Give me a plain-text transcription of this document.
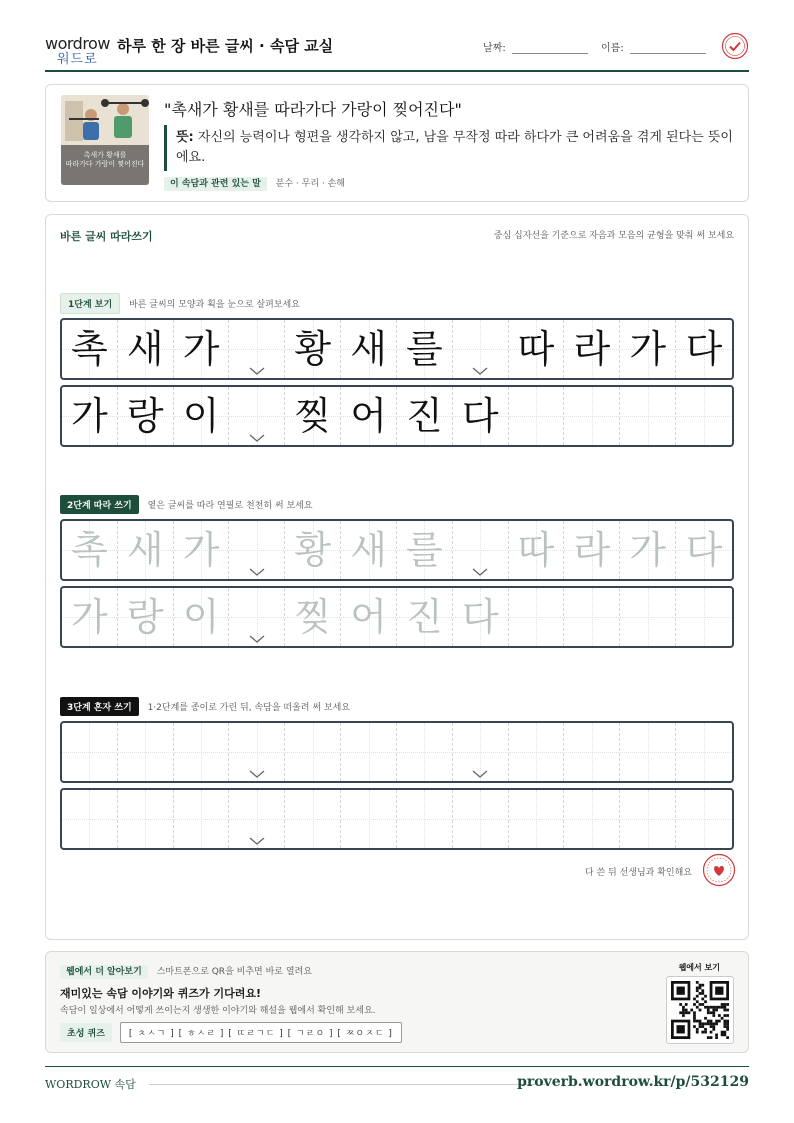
wordrow
워드로
하루 한 장 바른 글씨 · 속담 교실	날짜:	이름:
촉새가 황새를
따라가다 가랑이 찢어진다
"촉새가 황새를 따라가다 가랑이 찢어진다"
뜻: 자신의 능력이나 형편을 생각하지 않고, 남을 무작정 따라 하다가 큰 어려움을 겪게 된다는 뜻이에요.
이 속담과 관련 있는 말 분수 · 무리 · 손해
바른 글씨 따라쓰기	중심 십자선을 기준으로 자음과 모음의 균형을 맞춰 써 보세요
1단계 보기 바른 글씨의 모양과 획을 눈으로 살펴보세요
촉 새 가 황 새 를 따 라 가 다
가 랑 이 찢 어 진 다
2단계 따라 쓰기 옅은 글씨를 따라 연필로 천천히 써 보세요
촉 새 가 황 새 를 따 라 가 다
가 랑 이 찢 어 진 다
3단계 혼자 쓰기 1·2단계를 종이로 가린 뒤, 속담을 떠올려 써 보세요
다 쓴 뒤 선생님과 확인해요
웹에서 더 알아보기 스마트폰으로 QR을 비추면 바로 열려요
재미있는 속담 이야기와 퀴즈가 기다려요!
속담이 일상에서 어떻게 쓰이는지 생생한 이야기와 해설을 웹에서 확인해 보세요.
초성 퀴즈	[ ㅊㅅㄱ ] [ ㅎㅅㄹ ] [ ㄸㄹㄱㄷ ] [ ㄱㄹㅇ ] [ ㅉㅇㅈㄷ ]
웹에서 보기
WORDROW 속담	proverb.wordrow.kr/p/532129
